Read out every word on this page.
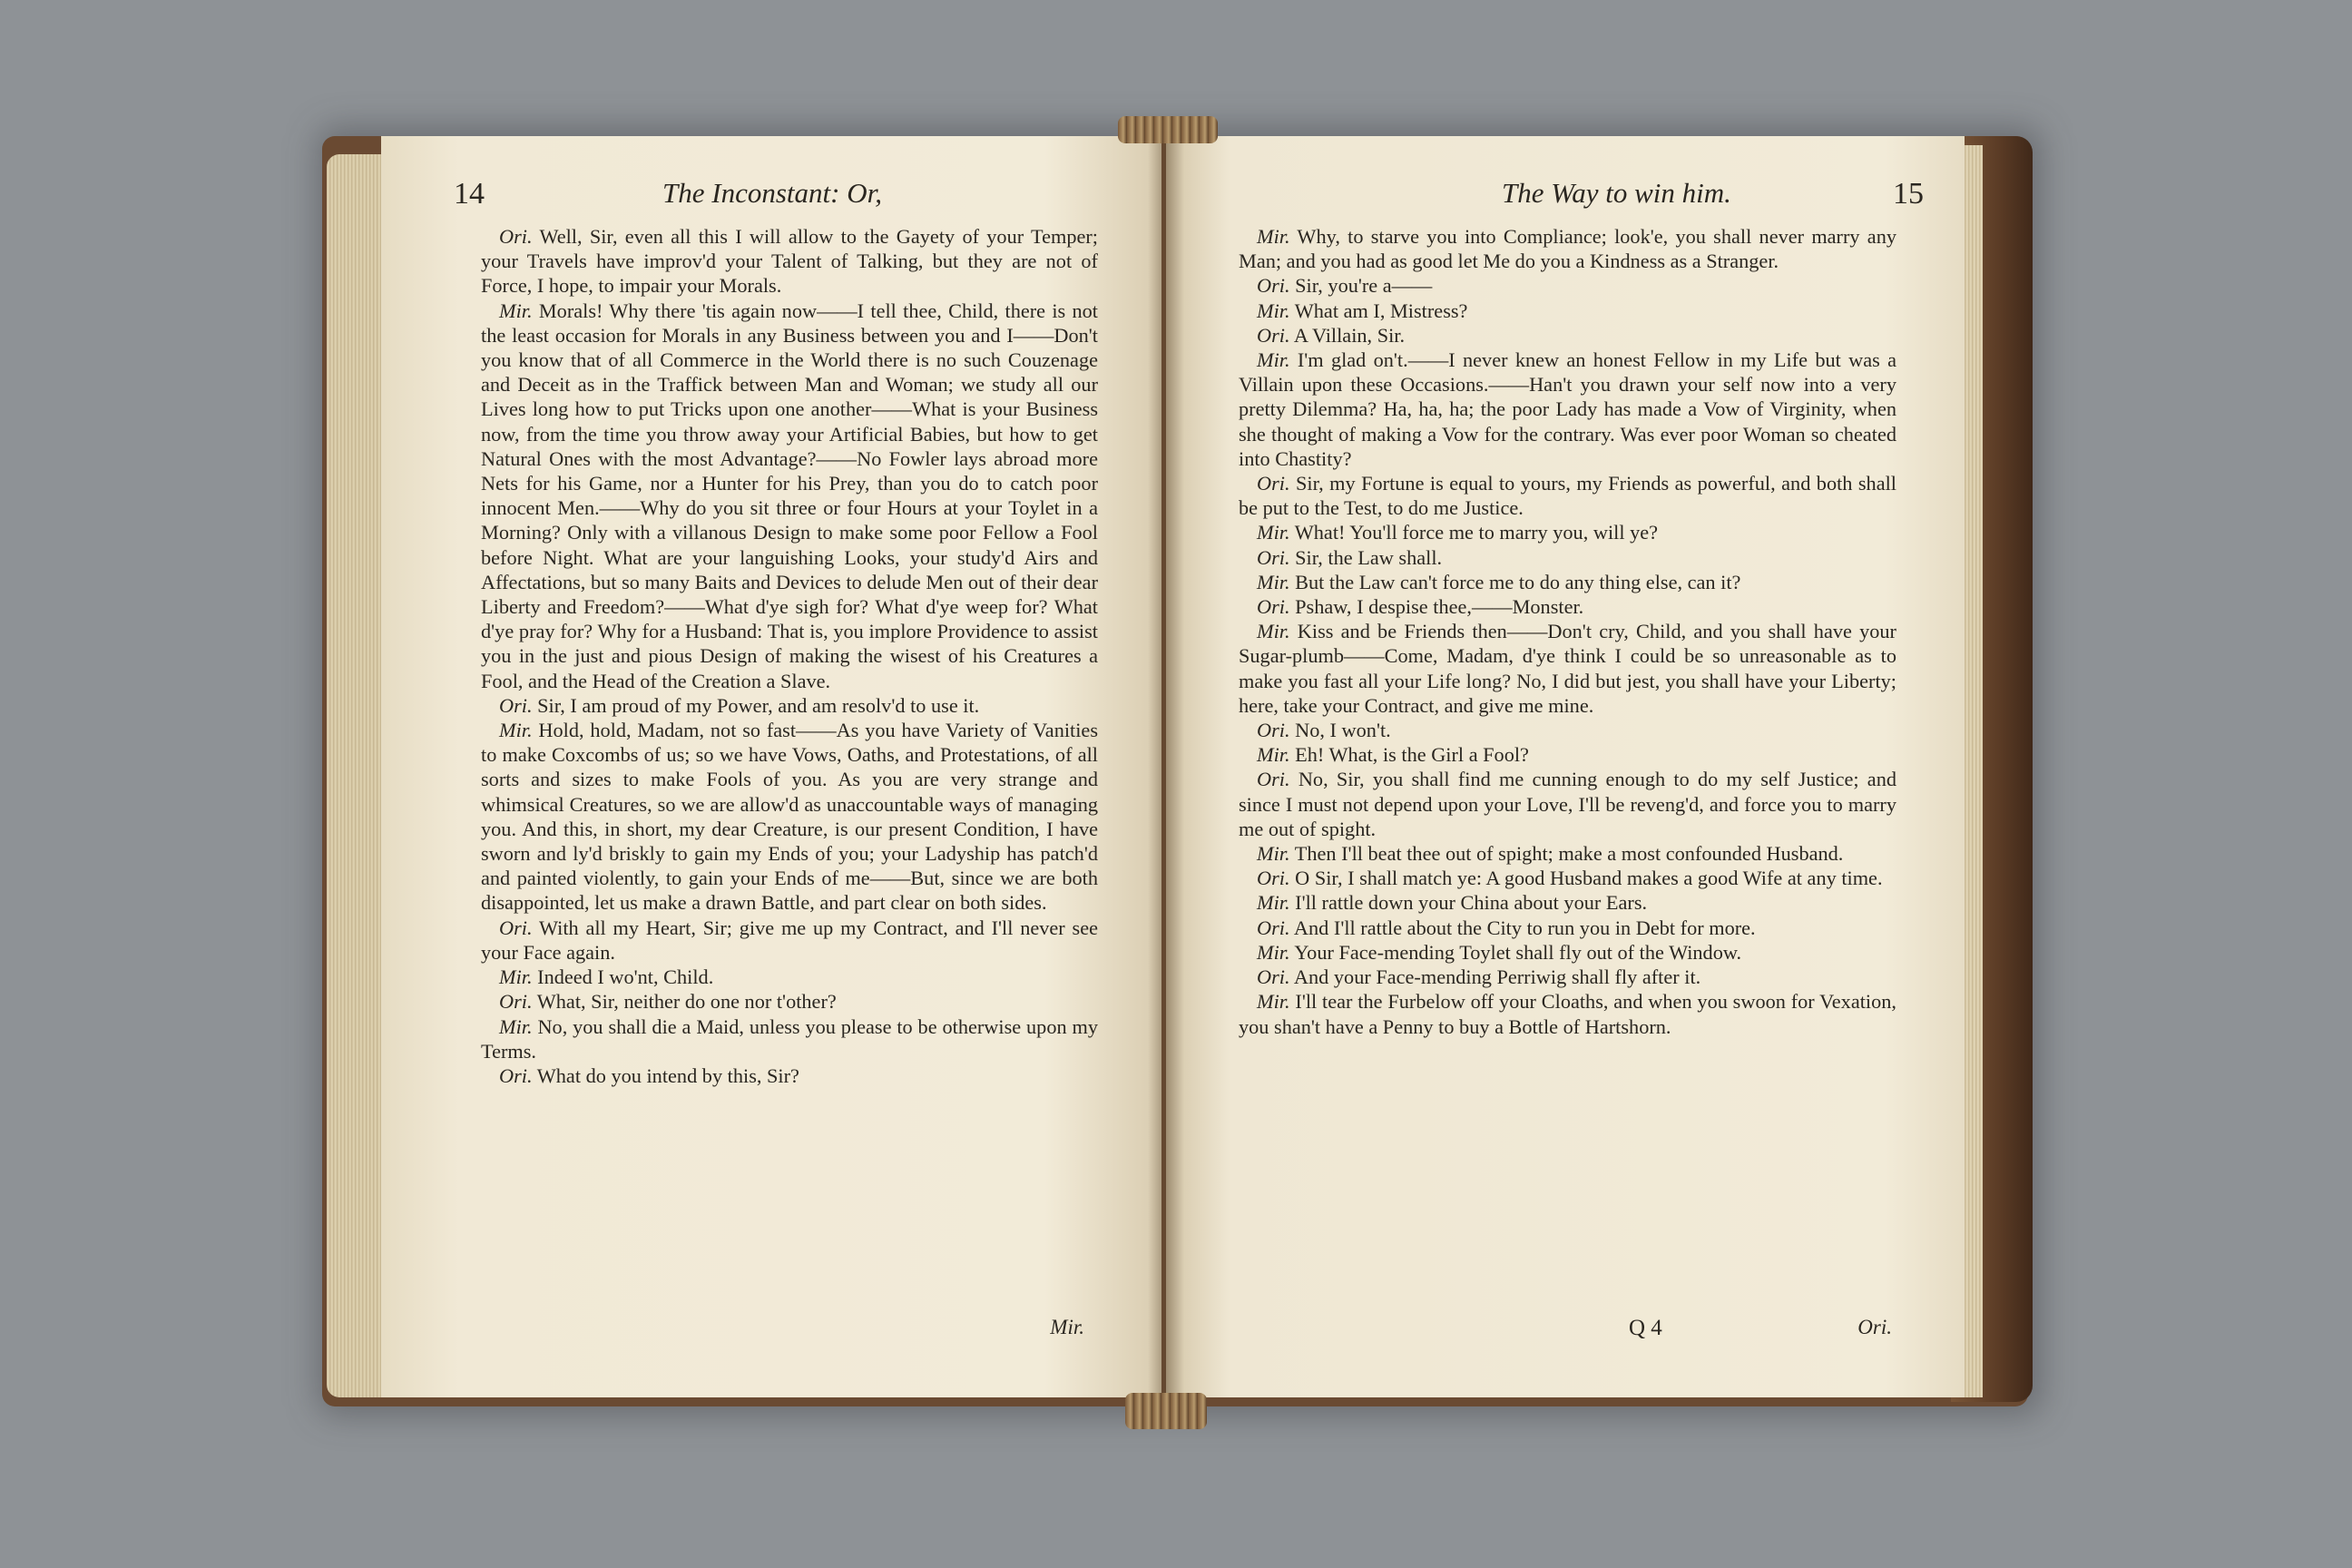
14	The Inconstant: Or,

Ori. Well, Sir, even all this I will allow to the Gayety of your Temper; your Travels have improv'd your Talent of Talking, but they are not of Force, I hope, to impair your Morals.

Mir. Morals! Why there 'tis again now——I tell thee, Child, there is not the least occasion for Morals in any Business between you and I——Don't you know that of all Commerce in the World there is no such Couzenage and Deceit as in the Traffick between Man and Woman; we study all our Lives long how to put Tricks upon one another——What is your Business now, from the time you throw away your Artificial Babies, but how to get Natural Ones with the most Advantage?——No Fowler lays abroad more Nets for his Game, nor a Hunter for his Prey, than you do to catch poor innocent Men.——Why do you sit three or four Hours at your Toylet in a Morning? Only with a villanous Design to make some poor Fellow a Fool before Night. What are your languishing Looks, your study'd Airs and Affectations, but so many Baits and Devices to delude Men out of their dear Liberty and Freedom?——What d'ye sigh for? What d'ye weep for? What d'ye pray for? Why for a Husband: That is, you implore Providence to assist you in the just and pious Design of making the wisest of his Creatures a Fool, and the Head of the Creation a Slave.

Ori. Sir, I am proud of my Power, and am resolv'd to use it.

Mir. Hold, hold, Madam, not so fast——As you have Variety of Vanities to make Coxcombs of us; so we have Vows, Oaths, and Protestations, of all sorts and sizes to make Fools of you. As you are very strange and whimsical Creatures, so we are allow'd as unaccountable ways of managing you. And this, in short, my dear Creature, is our present Condition, I have sworn and ly'd briskly to gain my Ends of you; your Ladyship has patch'd and painted violently, to gain your Ends of me——But, since we are both disappointed, let us make a drawn Battle, and part clear on both sides.

Ori. With all my Heart, Sir; give me up my Contract, and I'll never see your Face again.

Mir. Indeed I wo'nt, Child.

Ori. What, Sir, neither do one nor t'other?

Mir. No, you shall die a Maid, unless you please to be otherwise upon my Terms.

Ori. What do you intend by this, Sir?

Mir.
The Way to win him.	15

Mir. Why, to starve you into Compliance; look'e, you shall never marry any Man; and you had as good let Me do you a Kindness as a Stranger.

Ori. Sir, you're a——

Mir. What am I, Mistress?

Ori. A Villain, Sir.

Mir. I'm glad on't.——I never knew an honest Fellow in my Life but was a Villain upon these Occasions.——Han't you drawn your self now into a very pretty Dilemma? Ha, ha, ha; the poor Lady has made a Vow of Virginity, when she thought of making a Vow for the contrary. Was ever poor Woman so cheated into Chastity?

Ori. Sir, my Fortune is equal to yours, my Friends as powerful, and both shall be put to the Test, to do me Justice.

Mir. What! You'll force me to marry you, will ye?

Ori. Sir, the Law shall.

Mir. But the Law can't force me to do any thing else, can it?

Ori. Pshaw, I despise thee,——Monster.

Mir. Kiss and be Friends then——Don't cry, Child, and you shall have your Sugar-plumb——Come, Madam, d'ye think I could be so unreasonable as to make you fast all your Life long? No, I did but jest, you shall have your Liberty; here, take your Contract, and give me mine.

Ori. No, I won't.

Mir. Eh! What, is the Girl a Fool?

Ori. No, Sir, you shall find me cunning enough to do my self Justice; and since I must not depend upon your Love, I'll be reveng'd, and force you to marry me out of spight.

Mir. Then I'll beat thee out of spight; make a most confounded Husband.

Ori. O Sir, I shall match ye: A good Husband makes a good Wife at any time.

Mir. I'll rattle down your China about your Ears.

Ori. And I'll rattle about the City to run you in Debt for more.

Mir. Your Face-mending Toylet shall fly out of the Window.

Ori. And your Face-mending Perriwig shall fly after it.

Mir. I'll tear the Furbelow off your Cloaths, and when you swoon for Vexation, you shan't have a Penny to buy a Bottle of Hartshorn.

Q 4	Ori.
